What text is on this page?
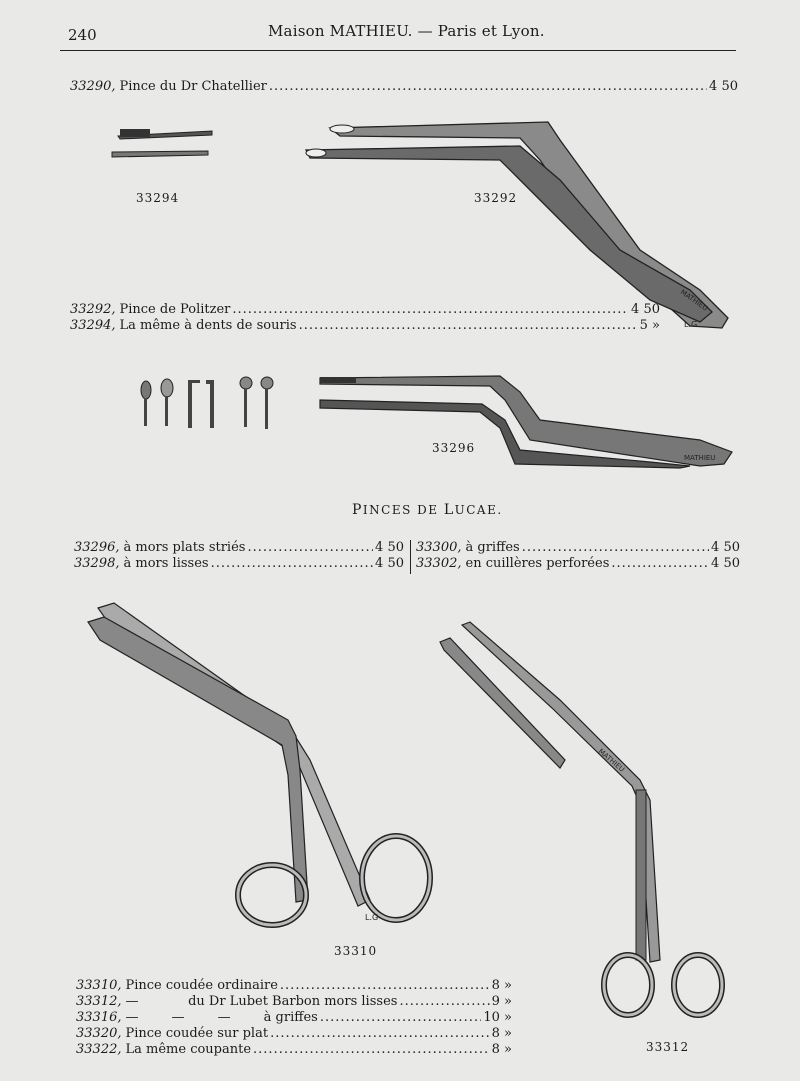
240	Maison MATHIEU. — Paris et Lyon.
33290, Pince du Dr Chatellier .....	4 50
MATHIEU
MATHIEU
MATHIEU
L.G
L.G
33294	33292
33296
33310
33312
33292, Pince de Politzer .....	4 50
33294, La même à dents de souris .....	5 »
PINCES DE LUCAE.
33296, à mors plats striés .....	4 50
33298, à mors lisses .....	4 50
33300, à griffes .....	4 50
33302, en cuillères perforées .....	4 50
33310, Pince coudée ordinaire .....	8 »
33312, —            du Dr Lubet Barbon mors lisses .....	9 »
33316, —        —        —        à griffes .....	10 »
33320, Pince coudée sur plat .....	8 »
33322, La même coupante .....	8 »
